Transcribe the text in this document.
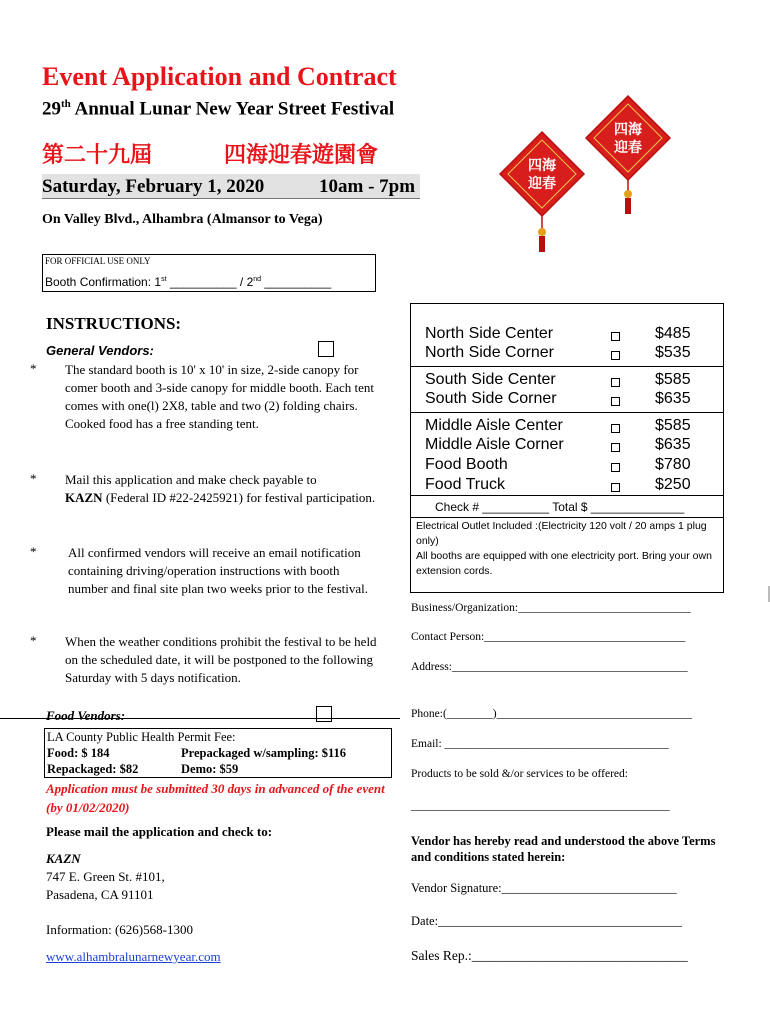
Event Application and Contract
29th Annual Lunar New Year Street Festival
第二十九屆	四海迎春遊園會
Saturday, February 1, 2020	10am - 7pm
On Valley Blvd., Alhambra (Almansor to Vega)
四海
迎春
四海
迎春
FOR OFFICIAL USE ONLY
Booth Confirmation: 1st __________ / 2nd __________
INSTRUCTIONS:
General Vendors:
*	The standard booth is 10' x 10' in size, 2-side canopy for comer booth and 3-side canopy for middle booth. Each tent comes with one(l) 2X8, table and two (2) folding chairs. Cooked food has a free standing tent.
*	Mail this application and make check payable to
KAZN (Federal ID #22-2425921) for festival participation.
*	All confirmed vendors will receive an email notification containing driving/operation instructions with booth number and final site plan two weeks prior to the festival.
*	When the weather conditions prohibit the festival to be held on the scheduled date, it will be postponed to the following Saturday with 5 days notification.
Food Vendors:
LA County Public Health Permit Fee:
Food: $ 184	Prepackaged w/sampling: $116
Repackaged: $82	Demo: $59
Application must be submitted 30 days in advanced of the event (by 01/02/2020)
Please mail the application and check to:
KAZN
747 E. Green St. #101,
Pasadena, CA 91101
Information: (626)568-1300
www.alhambralunarnewyear.com
North Side Center	$485
North Side Corner	$535
South Side Center	$585
South Side Corner	$635
Middle Aisle Center	$585
Middle Aisle Corner	$635
Food Booth	$780
Food Truck	$250
Check # __________ Total $ ______________
Electrical Outlet Included :(Electricity 120 volt / 20 amps 1 plug only)
All booths are equipped with one electricity port. Bring your own extension cords.
Business/Organization:______________________________
Contact Person:___________________________________
Address:_________________________________________
Phone:(________)__________________________________
Email: _______________________________________
Products to be sold &/or services to be offered:
_____________________________________________
Vendor has hereby read and understood the above Terms and conditions stated herein:
Vendor Signature:____________________________
Date:_______________________________________
Sales Rep.:________________________________
